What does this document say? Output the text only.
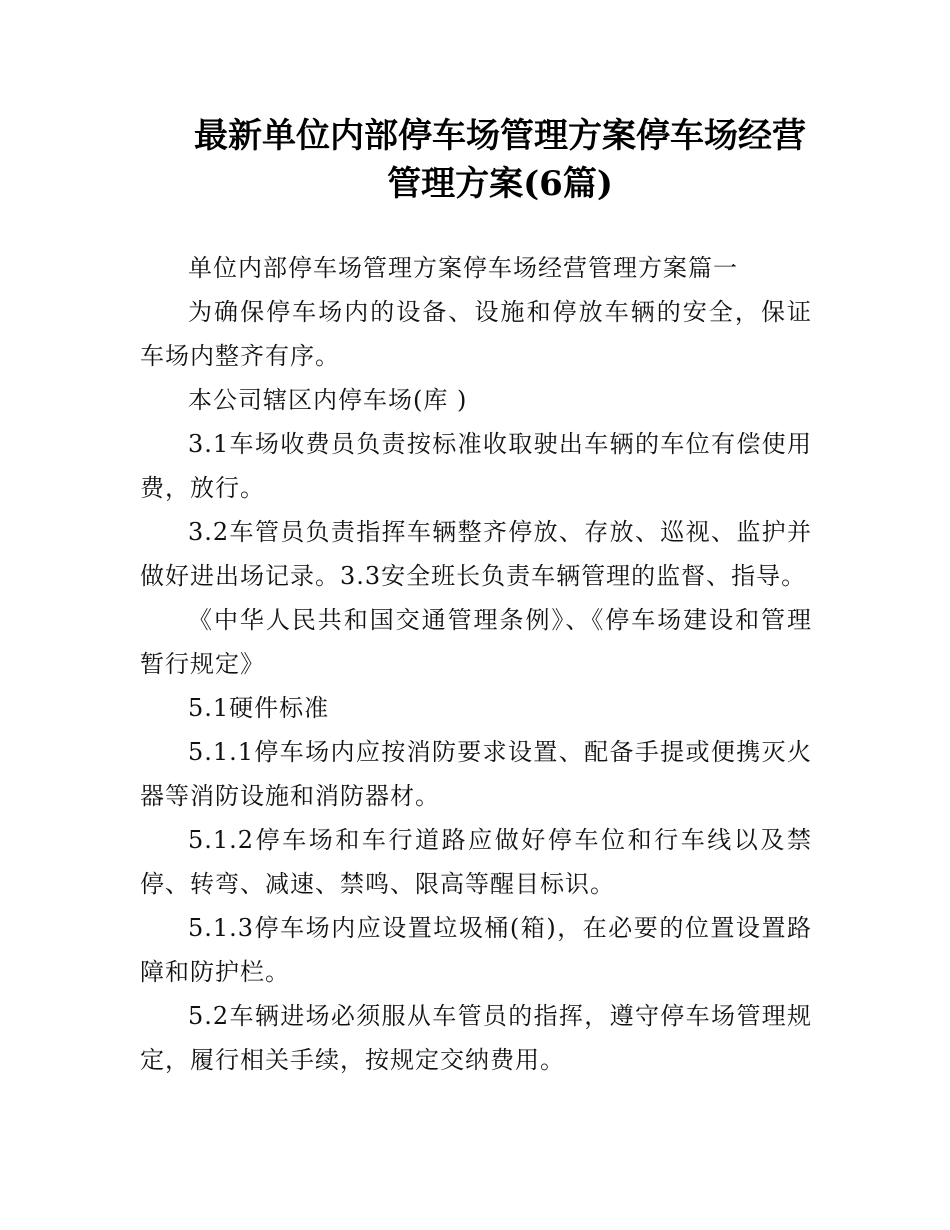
最新单位内部停车场管理方案停车场经营
管理方案(6篇)

单位内部停车场管理方案停车场经营管理方案篇一

为确保停车场内的设备、设施和停放车辆的安全，保证车场内整齐有序。

本公司辖区内停车场(库 )

3.1车场收费员负责按标准收取驶出车辆的车位有偿使用费，放行。

3.2车管员负责指挥车辆整齐停放、存放、巡视、监护并做好进出场记录。3.3安全班长负责车辆管理的监督、指导。

《中华人民共和国交通管理条例》、《停车场建设和管理暂行规定》

5.1硬件标准

5.1.1停车场内应按消防要求设置、配备手提或便携灭火器等消防设施和消防器材。

5.1.2停车场和车行道路应做好停车位和行车线以及禁停、转弯、减速、禁鸣、限高等醒目标识。

5.1.3停车场内应设置垃圾桶(箱)，在必要的位置设置路障和防护栏。

5.2车辆进场必须服从车管员的指挥，遵守停车场管理规定，履行相关手续，按规定交纳费用。
